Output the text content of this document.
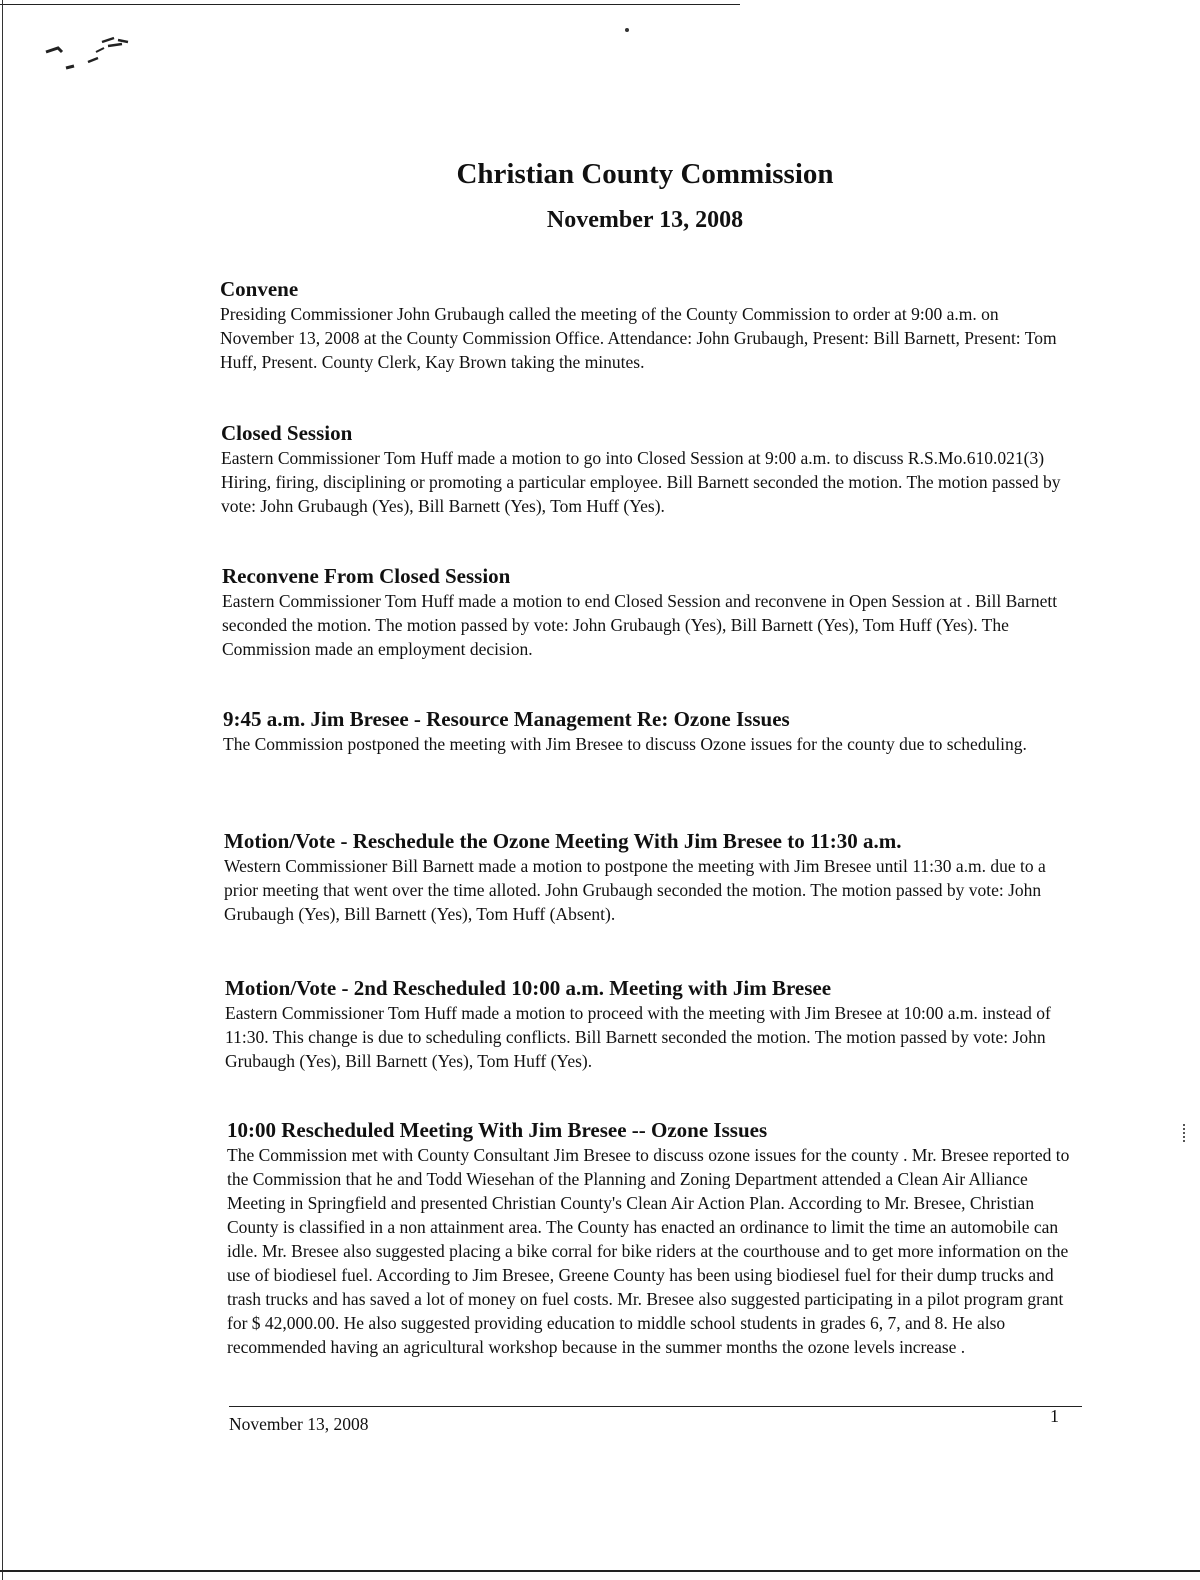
Christian County Commission
November 13, 2008
Convene

Presiding Commissioner John Grubaugh called the meeting of the County Commission to order at 9:00 a.m. on November 13, 2008 at the County Commission Office. Attendance: John Grubaugh, Present: Bill Barnett, Present: Tom Huff, Present. County Clerk, Kay Brown taking the minutes.

Closed Session

Eastern Commissioner Tom Huff made a motion to go into Closed Session at 9:00 a.m. to discuss R.S.Mo.610.021(3) Hiring, firing, disciplining or promoting a particular employee. Bill Barnett seconded the motion. The motion passed by vote: John Grubaugh (Yes), Bill Barnett (Yes), Tom Huff (Yes).

Reconvene From Closed Session

Eastern Commissioner Tom Huff made a motion to end Closed Session and reconvene in Open Session at . Bill Barnett seconded the motion. The motion passed by vote: John Grubaugh (Yes), Bill Barnett (Yes), Tom Huff (Yes). The Commission made an employment decision.

9:45 a.m. Jim Bresee - Resource Management Re: Ozone Issues

The Commission postponed the meeting with Jim Bresee to discuss Ozone issues for the county due to scheduling.

Motion/Vote - Reschedule the Ozone Meeting With Jim Bresee to 11:30 a.m.

Western Commissioner Bill Barnett made a motion to postpone the meeting with Jim Bresee until 11:30 a.m. due to a prior meeting that went over the time alloted. John Grubaugh seconded the motion. The motion passed by vote: John Grubaugh (Yes), Bill Barnett (Yes), Tom Huff (Absent).

Motion/Vote - 2nd Rescheduled 10:00 a.m. Meeting with Jim Bresee

Eastern Commissioner Tom Huff made a motion to proceed with the meeting with Jim Bresee at 10:00 a.m. instead of 11:30. This change is due to scheduling conflicts. Bill Barnett seconded the motion. The motion passed by vote: John Grubaugh (Yes), Bill Barnett (Yes), Tom Huff (Yes).

10:00 Rescheduled Meeting With Jim Bresee -- Ozone Issues

The Commission met with County Consultant Jim Bresee to discuss ozone issues for the county . Mr. Bresee reported to the Commission that he and Todd Wiesehan of the Planning and Zoning Department attended a Clean Air Alliance Meeting in Springfield and presented Christian County's Clean Air Action Plan. According to Mr. Bresee, Christian County is classified in a non attainment area. The County has enacted an ordinance to limit the time an automobile can idle. Mr. Bresee also suggested placing a bike corral for bike riders at the courthouse and to get more information on the use of biodiesel fuel. According to Jim Bresee, Greene County has been using biodiesel fuel for their dump trucks and trash trucks and has saved a lot of money on fuel costs. Mr. Bresee also suggested participating in a pilot program grant for $ 42,000.00. He also suggested providing education to middle school students in grades 6, 7, and 8. He also recommended having an agricultural workshop because in the summer months the ozone levels increase .

November 13, 2008	1
